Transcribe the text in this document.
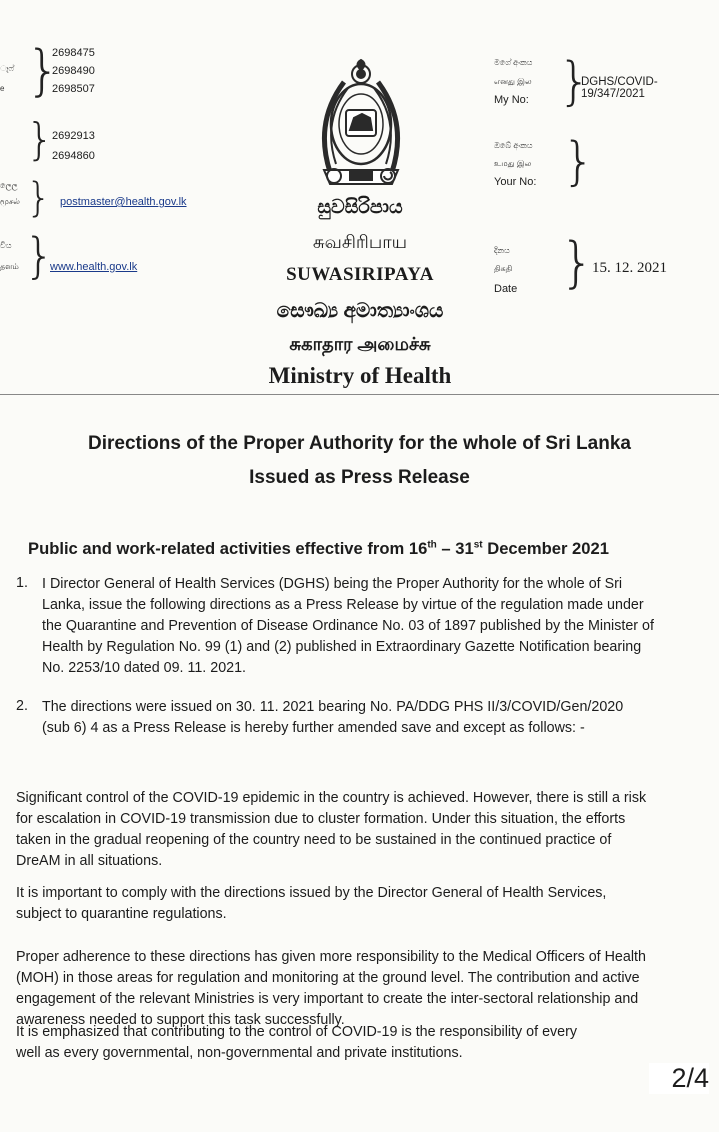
ෑෆ්
e }
2698475
2698490
2698507
}
2692913
2694860
ලෙල
மூசல் } postmaster@health.gov.lk
වීය
தளம் }
www.health.gov.lk
සුවසිරිපාය
சுவசிரிபாய
SUWASIRIPAYA
සෞඛ්‍ය අමාත්‍යාංශය
சுகாதார அமைச்சு
Ministry of Health
මගේ අංකය
எனது இல
My No: }
DGHS/COVID-19/347/2021
ඔබේ අංකය
உமது இல
Your No: }
දිනය
திகதி
Date }
15. 12. 2021
Directions of the Proper Authority for the whole of Sri Lanka
Issued as Press Release
Public and work-related activities effective from 16th – 31st December 2021
1. I Director General of Health Services (DGHS) being the Proper Authority for the whole of Sri
Lanka, issue the following directions as a Press Release by virtue of the regulation made under
the Quarantine and Prevention of Disease Ordinance No. 03 of 1897 published by the Minister of
Health by Regulation No. 99 (1) and (2) published in Extraordinary Gazette Notification bearing
No. 2253/10 dated 09. 11. 2021.
2. The directions were issued on 30. 11. 2021 bearing No. PA/DDG PHS II/3/COVID/Gen/2020
(sub 6) 4 as a Press Release is hereby further amended save and except as follows: -
Significant control of the COVID-19 epidemic in the country is achieved. However, there is still a risk
for escalation in COVID-19 transmission due to cluster formation. Under this situation, the efforts
taken in the gradual reopening of the country need to be sustained in the continued practice of
DreAM in all situations.
It is important to comply with the directions issued by the Director General of Health Services,
subject to quarantine regulations.
Proper adherence to these directions has given more responsibility to the Medical Officers of Health
(MOH) in those areas for regulation and monitoring at the ground level. The contribution and active
engagement of the relevant Ministries is very important to create the inter-sectoral relationship and
awareness needed to support this task successfully.
It is emphasized that contributing to the control of COVID-19 is the responsibility of every
well as every governmental, non-governmental and private institutions.
2/4
